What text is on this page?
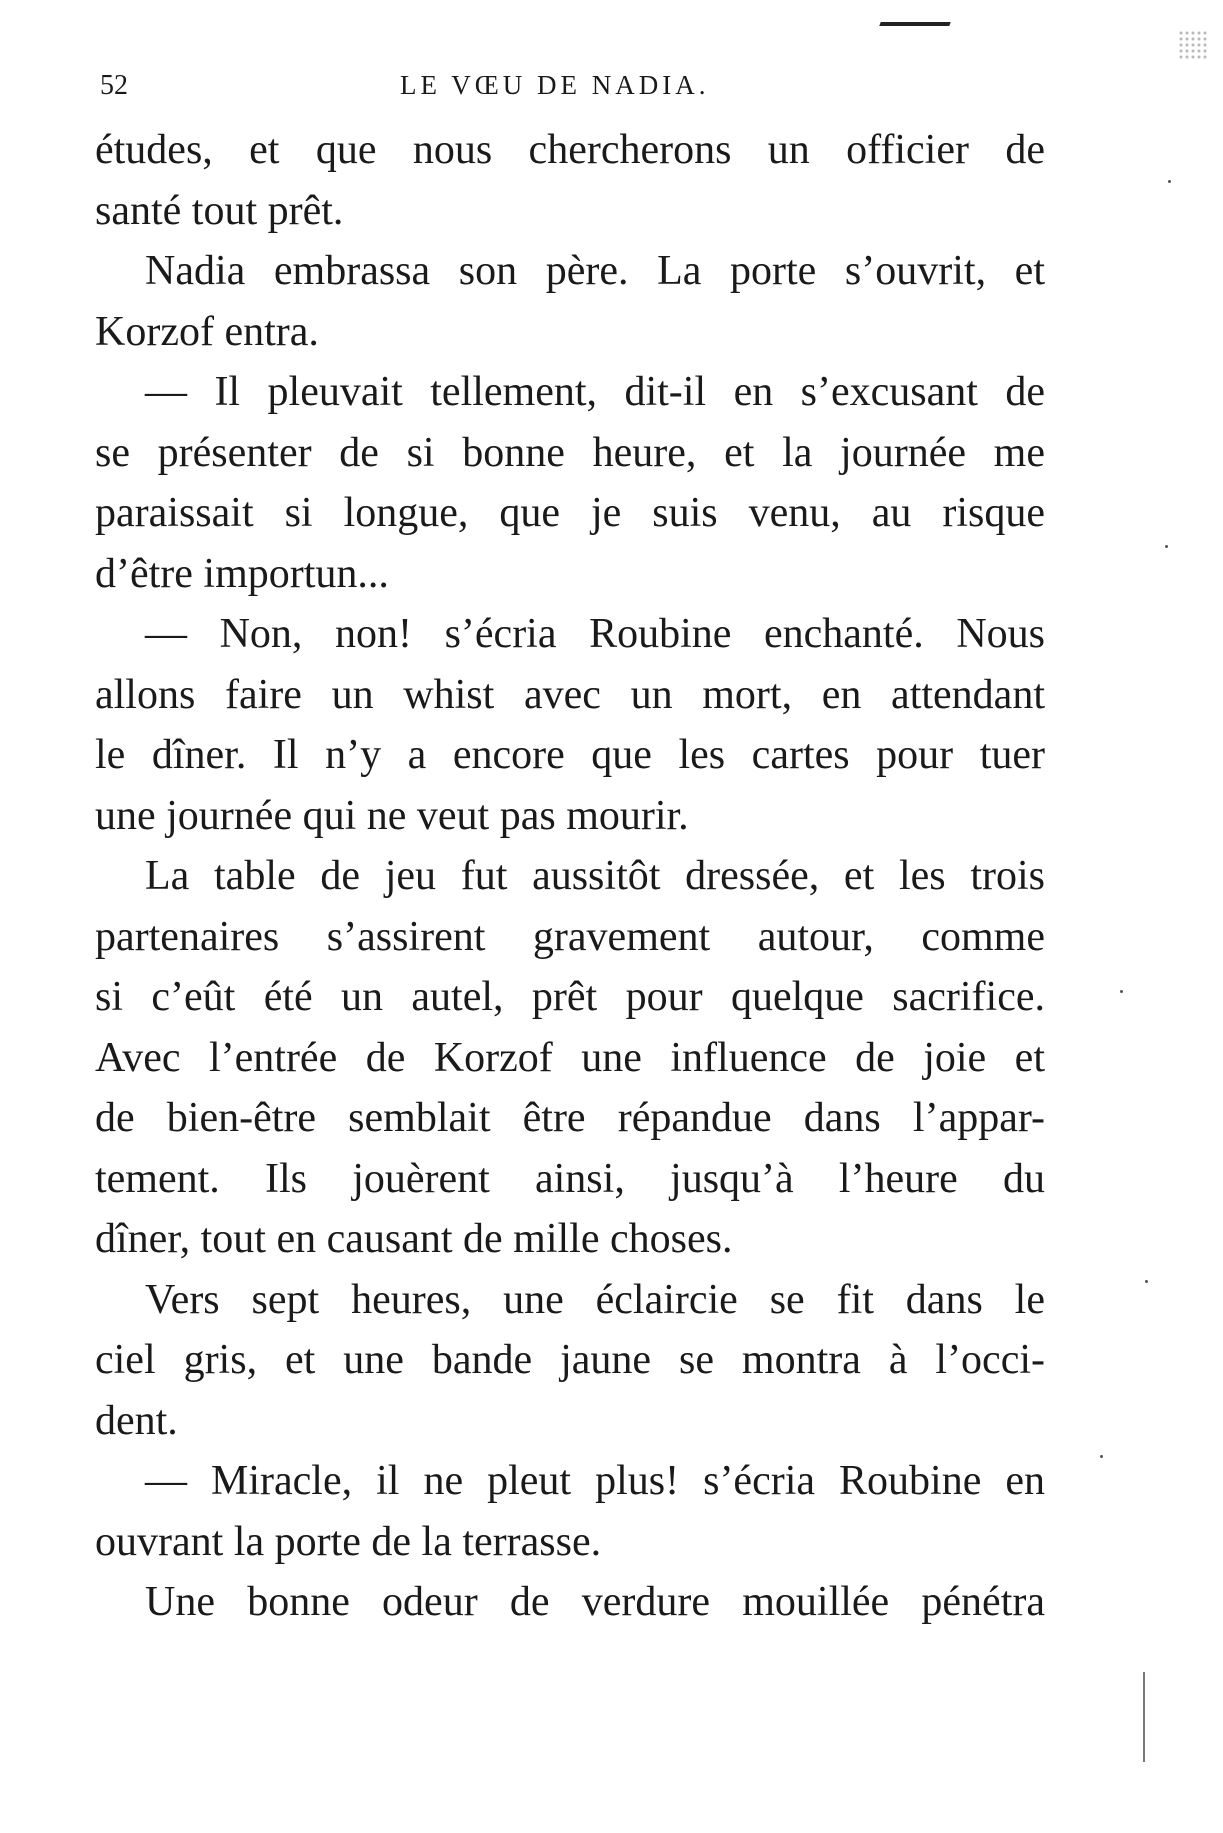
52	LE VŒU DE NADIA.
études, et que nous chercherons un officier de
santé tout prêt.
Nadia embrassa son père. La porte s’ouvrit, et
Korzof entra.
— Il pleuvait tellement, dit-il en s’excusant de
se présenter de si bonne heure, et la journée me
paraissait si longue, que je suis venu, au risque
d’être importun...
— Non, non! s’écria Roubine enchanté. Nous
allons faire un whist avec un mort, en attendant
le dîner. Il n’y a encore que les cartes pour tuer
une journée qui ne veut pas mourir.
La table de jeu fut aussitôt dressée, et les trois
partenaires s’assirent gravement autour, comme
si c’eût été un autel, prêt pour quelque sacrifice.
Avec l’entrée de Korzof une influence de joie et
de bien-être semblait être répandue dans l’appar-
tement. Ils jouèrent ainsi, jusqu’à l’heure du
dîner, tout en causant de mille choses.
Vers sept heures, une éclaircie se fit dans le
ciel gris, et une bande jaune se montra à l’occi-
dent.
— Miracle, il ne pleut plus! s’écria Roubine en
ouvrant la porte de la terrasse.
Une bonne odeur de verdure mouillée pénétra
